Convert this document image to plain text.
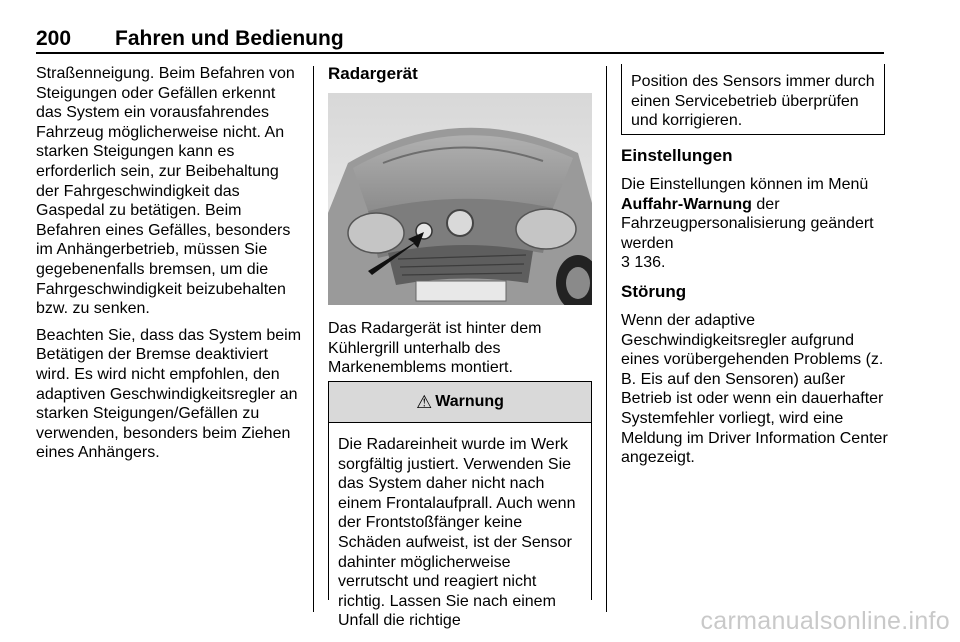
200 Fahren und Bedienung

Straßenneigung. Beim Befahren von Steigungen oder Gefällen erkennt das System ein vorausfahrendes Fahrzeug möglicherweise nicht. An starken Steigungen kann es erforderlich sein, zur Beibehaltung der Fahrgeschwindigkeit das Gaspedal zu betätigen. Beim Befahren eines Gefälles, besonders im Anhängerbetrieb, müssen Sie gegebenenfalls bremsen, um die Fahrgeschwindigkeit beizubehalten bzw. zu senken.

Beachten Sie, dass das System beim Betätigen der Bremse deaktiviert wird. Es wird nicht empfohlen, den adaptiven Geschwindigkeitsregler an starken Steigungen/Gefällen zu verwenden, besonders beim Ziehen eines Anhängers.

Radargerät

Das Radargerät ist hinter dem Kühlergrill unterhalb des Markenemblems montiert.

⚠ Warnung
Die Radareinheit wurde im Werk sorgfältig justiert. Verwenden Sie das System daher nicht nach einem Frontalaufprall. Auch wenn der Frontstoßfänger keine Schäden aufweist, ist der Sensor dahinter möglicherweise verrutscht und reagiert nicht richtig. Lassen Sie nach einem Unfall die richtige
Position des Sensors immer durch einen Servicebetrieb überprüfen und korrigieren.
Einstellungen

Die Einstellungen können im Menü Auffahr-Warnung der Fahrzeugpersonalisierung geändert werden
3 136.

Störung

Wenn der adaptive Geschwindigkeitsregler aufgrund eines vorübergehenden Problems (z. B. Eis auf den Sensoren) außer Betrieb ist oder wenn ein dauerhafter Systemfehler vorliegt, wird eine Meldung im Driver Information Center angezeigt.

carmanualsonline.info
